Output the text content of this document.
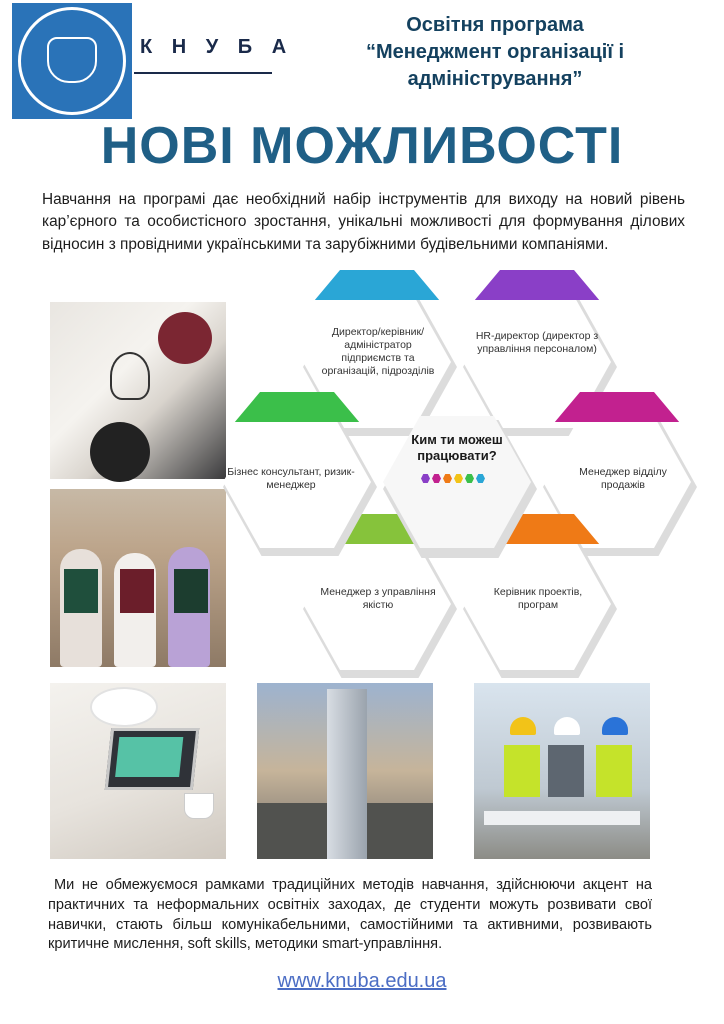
К Н У Б А
Освітня програма
“Менеджмент організації і
адміністрування”
НОВІ МОЖЛИВОСТІ
Навчання на програмі дає необхідний набір інструментів для виходу на новий рівень кар’єрного та особистісного зростання, унікальні можливості для формування ділових відносин з провідними українськими та зарубіжними будівельними компаніями.
Директор/керівник/ адміністратор підприємств та організацій, підрозділів
HR-директор (директор з управління персоналом)
Менеджер відділу продажів
Керівник проектів, програм
Менеджер з управління якістю
Бізнес консультант, ризик-менеджер
Ким ти можеш працювати?
Ми не обмежуємося рамками традиційних методів навчання, здійснюючи акцент на практичних та неформальних освітніх заходах, де студенти можуть розвивати свої навички, стають більш комунікабельними, самостійними та активними, розвивають критичне мислення, soft skills, методики smart-управління.
www.knuba.edu.ua
